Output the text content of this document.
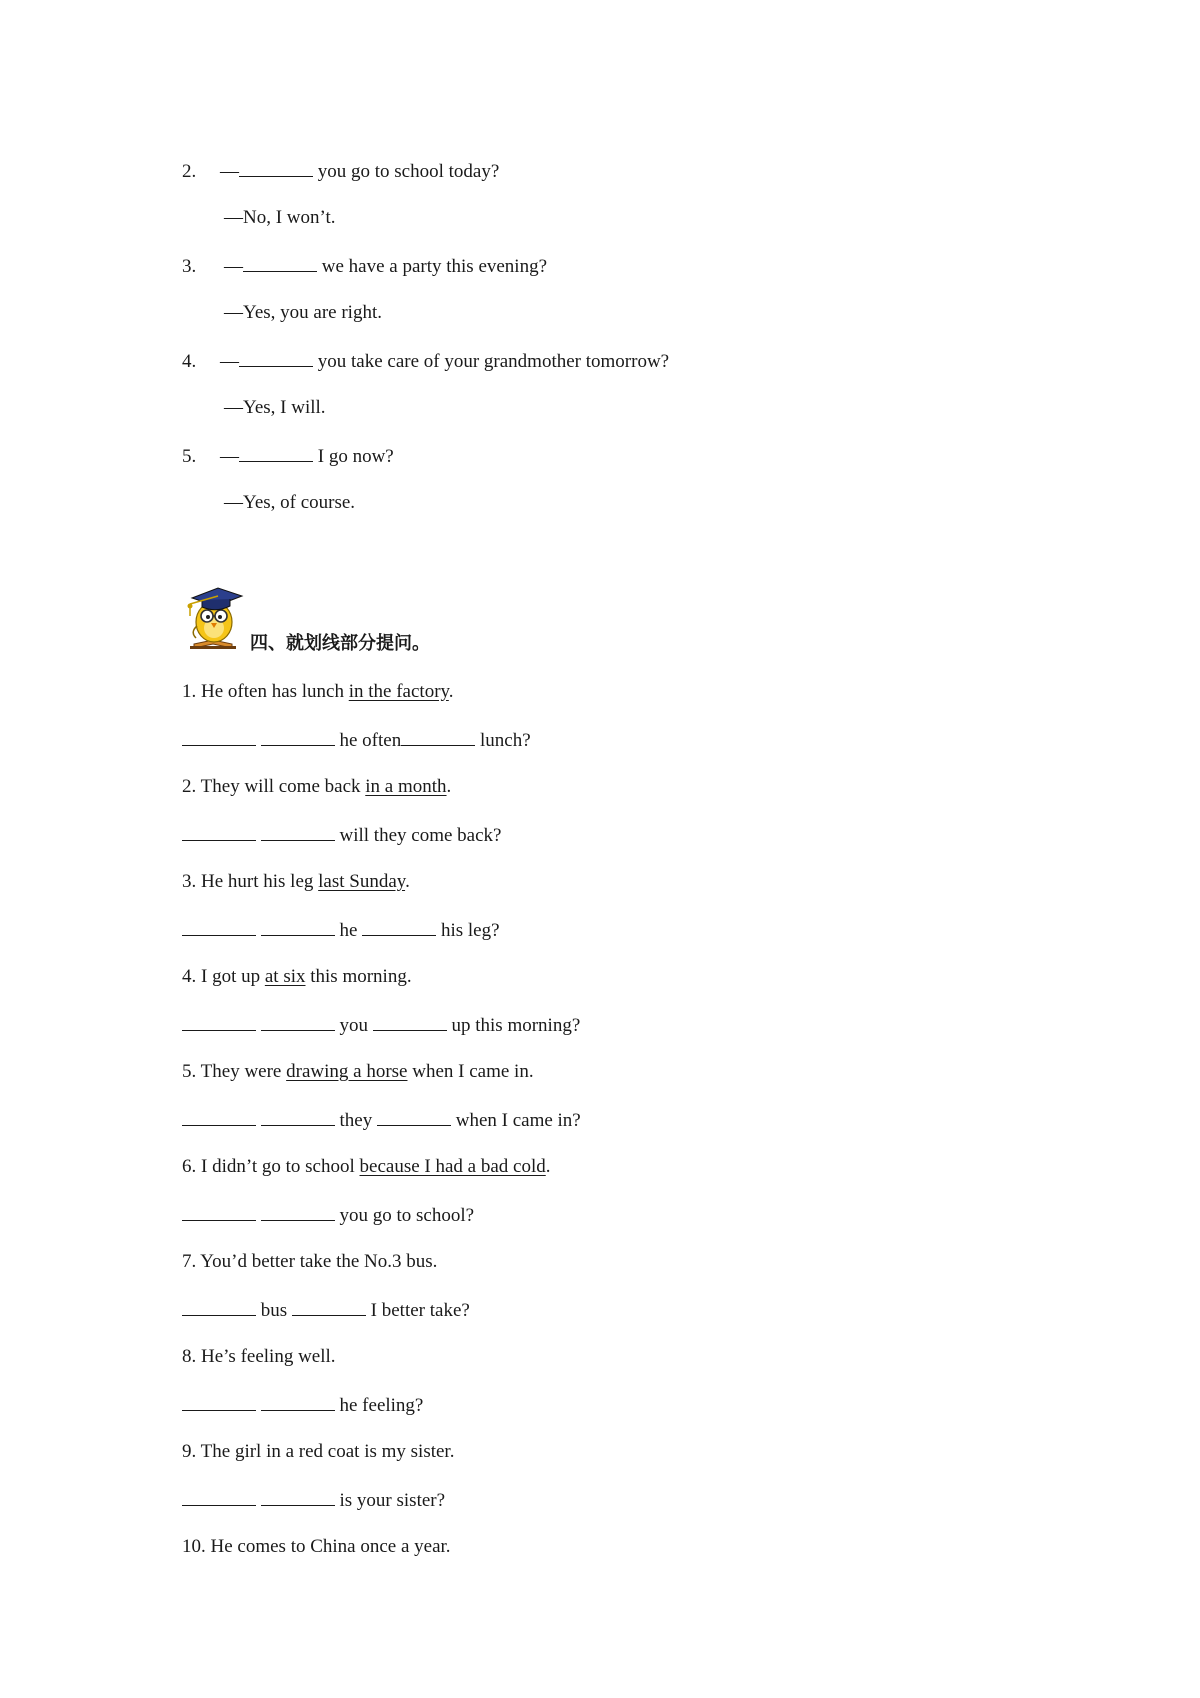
2. —	you go to school today?
—No, I won’t.
3. —	we have a party this evening?
—Yes, you are right.
4. —	you take care of your grandmother tomorrow?
—Yes, I will.
5. —	I go now?
—Yes, of course.
四、就划线部分提问。
1. He often has lunch in the factory.
he often	lunch?
2. They will come back in a month.
will they come back?
3. He hurt his leg last Sunday.
he	his leg?
4. I got up at six this morning.
you	up this morning?
5. They were drawing a horse when I came in.
they	when I came in?
6. I didn’t go to school because I had a bad cold.
you go to school?
7. You’d better take the No.3 bus.
bus	I better take?
8. He’s feeling well.
he feeling?
9. The girl in a red coat is my sister.
is your sister?
10. He comes to China once a year.
